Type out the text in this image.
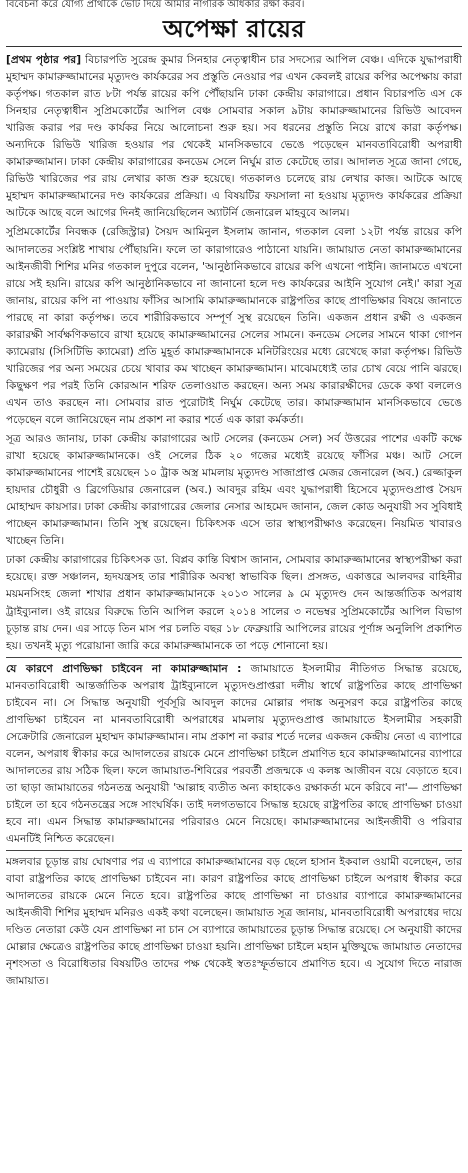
বিবেচনা করে যোগ্য প্রার্থীকে ভোট দিয়ে আমার নাগরিক অধিকার রক্ষা করব।
অপেক্ষা রায়ের

[প্রথম পৃষ্ঠার পর] বিচারপতি সুরেন্দ্র কুমার সিনহার নেতৃত্বাধীন চার সদস্যের আপিল বেঞ্চ। এদিকে যুদ্ধাপরাধী মুহাম্মদ কামারুজ্জামানের মৃত্যুদণ্ড কার্যকরের সব প্রস্তুতি নেওয়ার পর এখন কেবলই রায়ের কপির অপেক্ষায় কারা কর্তৃপক্ষ। গতকাল রাত ৮টা পর্যন্ত রায়ের কপি পৌঁছায়নি ঢাকা কেন্দ্রীয় কারাগারে। প্রধান বিচারপতি এস কে সিনহার নেতৃত্বাধীন সুপ্রিমকোর্টের আপিল বেঞ্চ সোমবার সকাল ৯টায় কামারুজ্জামানের রিভিউ আবেদন খারিজ করার পর দণ্ড কার্যকর নিয়ে আলোচনা শুরু হয়। সব ধরনের প্রস্তুতি নিয়ে রাখে কারা কর্তৃপক্ষ। অন্যদিকে রিভিউ খারিজ হওয়ার পর থেকেই মানসিকভাবে ভেঙে পড়েছেন মানবতাবিরোধী অপরাধী কামারুজ্জামান। ঢাকা কেন্দ্রীয় কারাগারের কনডেম সেলে নির্ঘুম রাত কেটেছে তার। আদালত সূত্রে জানা গেছে, রিভিউ খারিজের পর রায় লেখার কাজ শুরু হয়েছে। গতকালও চলেছে রায় লেখার কাজ। আটকে আছে মুহাম্মদ কামারুজ্জামানের দণ্ড কার্যকরের প্রক্রিয়া। এ বিষয়টির ফয়সালা না হওয়ায় মৃত্যুদণ্ড কার্যকরের প্রক্রিয়া আটকে আছে বলে আগের দিনই জানিয়েছিলেন অ্যাটর্নি জেনারেল মাহবুবে আলম।

সুপ্রিমকোর্টের নিবন্ধক (রেজিস্ট্রার) সৈয়দ আমিনুল ইসলাম জানান, গতকাল বেলা ১২টা পর্যন্ত রায়ের কপি আদালতের সংশ্লিষ্ট শাখায় পৌঁছায়নি। ফলে তা কারাগারেও পাঠানো যায়নি। জামায়াত নেতা কামারুজ্জামানের আইনজীবী শিশির মনির গতকাল দুপুরে বলেন, 'আনুষ্ঠানিকভাবে রায়ের কপি এখনো পাইনি। জানামতে এখনো রায়ে সই হয়নি। রায়ের কপি আনুষ্ঠানিকভাবে না জানানো হলে দণ্ড কার্যকরের আইনি সুযোগ নেই।' কারা সূত্র জানায়, রায়ের কপি না পাওয়ায় ফাঁসির আসামি কামারুজ্জামানকে রাষ্ট্রপতির কাছে প্রাণভিক্ষার বিষয়ে জানাতে পারছে না কারা কর্তৃপক্ষ। তবে শারীরিকভাবে সম্পূর্ণ সুস্থ রয়েছেন তিনি। একজন প্রধান রক্ষী ও একজন কারারক্ষী সার্বক্ষণিকভাবে রাখা হয়েছে কামারুজ্জামানের সেলের সামনে। কনডেম সেলের সামনে থাকা গোপন ক্যামেরায় (সিসিটিভি ক্যামেরা) প্রতি মুহূর্ত কামারুজ্জামানকে মনিটরিংয়ের মধ্যে রেখেছে কারা কর্তৃপক্ষ। রিভিউ খারিজের পর অন্য সময়ের চেয়ে খাবার কম খাচ্ছেন কামারুজ্জামান। মাঝেমধ্যেই তার চোখ বেয়ে পানি ঝরছে। কিছুক্ষণ পর পরই তিনি কোরআন শরিফ তেলাওয়াত করছেন। অন্য সময় কারারক্ষীদের ডেকে কথা বললেও এখন তাও করছেন না। সোমবার রাত পুরোটাই নির্ঘুম কেটেছে তার। কামারুজ্জামান মানসিকভাবে ভেঙে পড়েছেন বলে জানিয়েছেন নাম প্রকাশ না করার শর্তে এক কারা কর্মকর্তা।

সূত্র আরও জানায়, ঢাকা কেন্দ্রীয় কারাগারের আট সেলের (কনডেম সেল) সর্ব উত্তরের পাশের একটি কক্ষে রাখা হয়েছে কামারুজ্জামানকে। ওই সেলের ঠিক ২০ গজের মধ্যেই রয়েছে ফাঁসির মঞ্চ। আট সেলে কামারুজ্জামানের পাশেই রয়েছেন ১০ ট্রাক অস্ত্র মামলায় মৃত্যুদণ্ড সাজাপ্রাপ্ত মেজর জেনারেল (অব.) রেজ্জাকুল হায়দার চৌধুরী ও ব্রিগেডিয়ার জেনারেল (অব.) আবদুর রহিম এবং যুদ্ধাপরাধী হিসেবে মৃত্যুদণ্ডপ্রাপ্ত সৈয়দ মোহাম্মদ কায়সার। ঢাকা কেন্দ্রীয় কারাগারের জেলার নেসার আহমেদ জানান, জেল কোড অনুযায়ী সব সুবিধাই পাচ্ছেন কামারুজ্জামান। তিনি সুস্থ রয়েছেন। চিকিৎসক এসে তার স্বাস্থ্যপরীক্ষাও করেছেন। নিয়মিত খাবারও খাচ্ছেন তিনি।

ঢাকা কেন্দ্রীয় কারাগারের চিকিৎসক ডা. বিপ্লব কান্তি বিশ্বাস জানান, সোমবার কামারুজ্জামানের স্বাস্থ্যপরীক্ষা করা হয়েছে। রক্ত সঞ্চালন, হৃদযন্ত্রসহ তার শারীরিক অবস্থা স্বাভাবিক ছিল। প্রসঙ্গত, একাত্তরে আলবদর বাহিনীর ময়মনসিংহ জেলা শাখার প্রধান কামারুজ্জামানকে ২০১৩ সালের ৯ মে মৃত্যুদণ্ড দেন আন্তর্জাতিক অপরাধ ট্রাইব্যুনাল। ওই রায়ের বিরুদ্ধে তিনি আপিল করলে ২০১৪ সালের ৩ নভেম্বর সুপ্রিমকোর্টের আপিল বিভাগ চূড়ান্ত রায় দেন। এর সাড়ে তিন মাস পর চলতি বছর ১৮ ফেব্রুয়ারি আপিলের রায়ের পূর্ণাঙ্গ অনুলিপি প্রকাশিত হয়। তখনই মৃত্যু পরোয়ানা জারি করে কামারুজ্জামানকে তা পড়ে শোনানো হয়।

যে কারণে প্রাণভিক্ষা চাইবেন না কামারুজ্জামান : জামায়াতে ইসলামীর নীতিগত সিদ্ধান্ত রয়েছে, মানবতাবিরোধী আন্তর্জাতিক অপরাধ ট্রাইব্যুনালে মৃত্যুদণ্ডপ্রাপ্তরা দলীয় স্বার্থে রাষ্ট্রপতির কাছে প্রাণভিক্ষা চাইবেন না। সে সিদ্ধান্ত অনুযায়ী পূর্বসূরি আবদুল কাদের মোল্লার পদাঙ্ক অনুসরণ করে রাষ্ট্রপতির কাছে প্রাণভিক্ষা চাইবেন না মানবতাবিরোধী অপরাধের মামলায় মৃত্যুদণ্ডপ্রাপ্ত জামায়াতে ইসলামীর সহকারী সেক্রেটারি জেনারেল মুহাম্মদ কামারুজ্জামান। নাম প্রকাশ না করার শর্তে দলের একজন কেন্দ্রীয় নেতা এ ব্যাপারে বলেন, অপরাধ স্বীকার করে আদালতের রায়কে মেনে প্রাণভিক্ষা চাইলে প্রমাণিত হবে কামারুজ্জামানের ব্যাপারে আদালতের রায় সঠিক ছিল। ফলে জামায়াত-শিবিরের পরবর্তী প্রজন্মকে এ কলঙ্ক আজীবন বয়ে বেড়াতে হবে। তা ছাড়া জামায়াতের গঠনতন্ত্র অনুযায়ী 'আল্লাহ ব্যতীত অন্য কাহাকেও রক্ষাকর্তা মনে করিবে না'— প্রাণভিক্ষা চাইলে তা হবে গঠনতন্ত্রের সঙ্গে সাংঘর্ষিক। তাই দলগতভাবে সিদ্ধান্ত হয়েছে রাষ্ট্রপতির কাছে প্রাণভিক্ষা চাওয়া হবে না। এমন সিদ্ধান্ত কামারুজ্জামানের পরিবারও মেনে নিয়েছে। কামারুজ্জামানের আইনজীবী ও পরিবার এমনটিই নিশ্চিত করেছেন।

মঙ্গলবার চূড়ান্ত রায় ঘোষণার পর এ ব্যাপারে কামারুজ্জামানের বড় ছেলে হাসান ইকবাল ওয়ামী বলেছেন, তার বাবা রাষ্ট্রপতির কাছে প্রাণভিক্ষা চাইবেন না। কারণ রাষ্ট্রপতির কাছে প্রাণভিক্ষা চাইলে অপরাধ স্বীকার করে আদালতের রায়কে মেনে নিতে হবে। রাষ্ট্রপতির কাছে প্রাণভিক্ষা না চাওয়ার ব্যাপারে কামারুজ্জামানের আইনজীবী শিশির মুহাম্মদ মনিরও একই কথা বলেছেন। জামায়াত সূত্র জানায়, মানবতাবিরোধী অপরাধের দায়ে দণ্ডিত নেতারা কেউ যেন প্রাণভিক্ষা না চান সে ব্যাপারে জামায়াতের চূড়ান্ত সিদ্ধান্ত রয়েছে। সে অনুযায়ী কাদের মোল্লার ক্ষেত্রেও রাষ্ট্রপতির কাছে প্রাণভিক্ষা চাওয়া হয়নি। প্রাণভিক্ষা চাইলে মহান মুক্তিযুদ্ধে জামায়াত নেতাদের নৃশংসতা ও বিরোধিতার বিষয়টিও তাদের পক্ষ থেকেই স্বতঃস্ফূর্তভাবে প্রমাণিত হবে। এ সুযোগ দিতে নারাজ জামায়াত।
